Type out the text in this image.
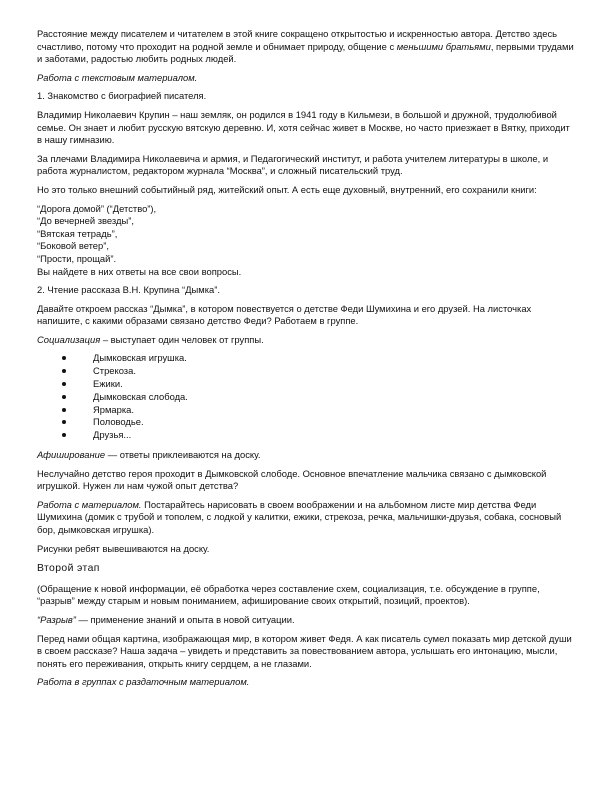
Расстояние между писателем и читателем в этой книге сокращено открытостью и искренностью автора. Детство здесь счастливо, потому что проходит на родной земле и обнимает природу, общение с меньшими братьями, первыми трудами и заботами, радостью любить родных людей.

Работа с текстовым материалом.

1. Знакомство с биографией писателя.

Владимир Николаевич Крупин – наш земляк, он родился в 1941 году в Кильмези, в большой и дружной, трудолюбивой семье. Он знает и любит русскую вятскую деревню. И, хотя сейчас живет в Москве, но часто приезжает в Вятку, приходит в нашу гимназию.

За плечами Владимира Николаевича и армия, и Педагогический институт, и работа учителем литературы в школе, и работа журналистом, редактором журнала “Москва”, и сложный писательский труд.

Но это только внешний событийный ряд, житейский опыт. А есть еще духовный, внутренний, его сохранили книги:

“Дорога домой” (“Детство”),
“До вечерней звезды”,
“Вятская тетрадь”,
“Боковой ветер”,
“Прости, прощай”.
Вы найдете в них ответы на все свои вопросы.

2. Чтение рассказа В.Н. Крупина “Дымка”.

Давайте откроем рассказ “Дымка”, в котором повествуется о детстве Феди Шумихина и его друзей. На листочках напишите, с какими образами связано детство Феди? Работаем в группе.

Социализация – выступает один человек от группы.

Дымковская игрушка.
Стрекоза.
Ежики.
Дымковская слобода.
Ярмарка.
Половодье.
Друзья...

Афиширование — ответы приклеиваются на доску.

Неслучайно детство героя проходит в Дымковской слободе. Основное впечатление мальчика связано с дымковской игрушкой. Нужен ли нам чужой опыт детства?

Работа с материалом. Постарайтесь нарисовать в своем воображении и на альбомном листе мир детства Феди Шумихина (домик с трубой и тополем, с лодкой у калитки, ежики, стрекоза, речка, мальчишки-друзья, собака, сосновый бор, дымковская игрушка).

Рисунки ребят вывешиваются на доску.

Второй этап

(Обращение к новой информации, её обработка через составление схем, социализация, т.е. обсуждение в группе, “разрыв” между старым и новым пониманием, афиширование своих открытий, позиций, проектов).

“Разрыв” — применение знаний и опыта в новой ситуации.

Перед нами общая картина, изображающая мир, в котором живет Федя. А как писатель сумел показать мир детской души в своем рассказе? Наша задача – увидеть и представить за повествованием автора, услышать его интонацию, мысли, понять его переживания, открыть книгу сердцем, а не глазами.

Работа в группах с раздаточным материалом.
